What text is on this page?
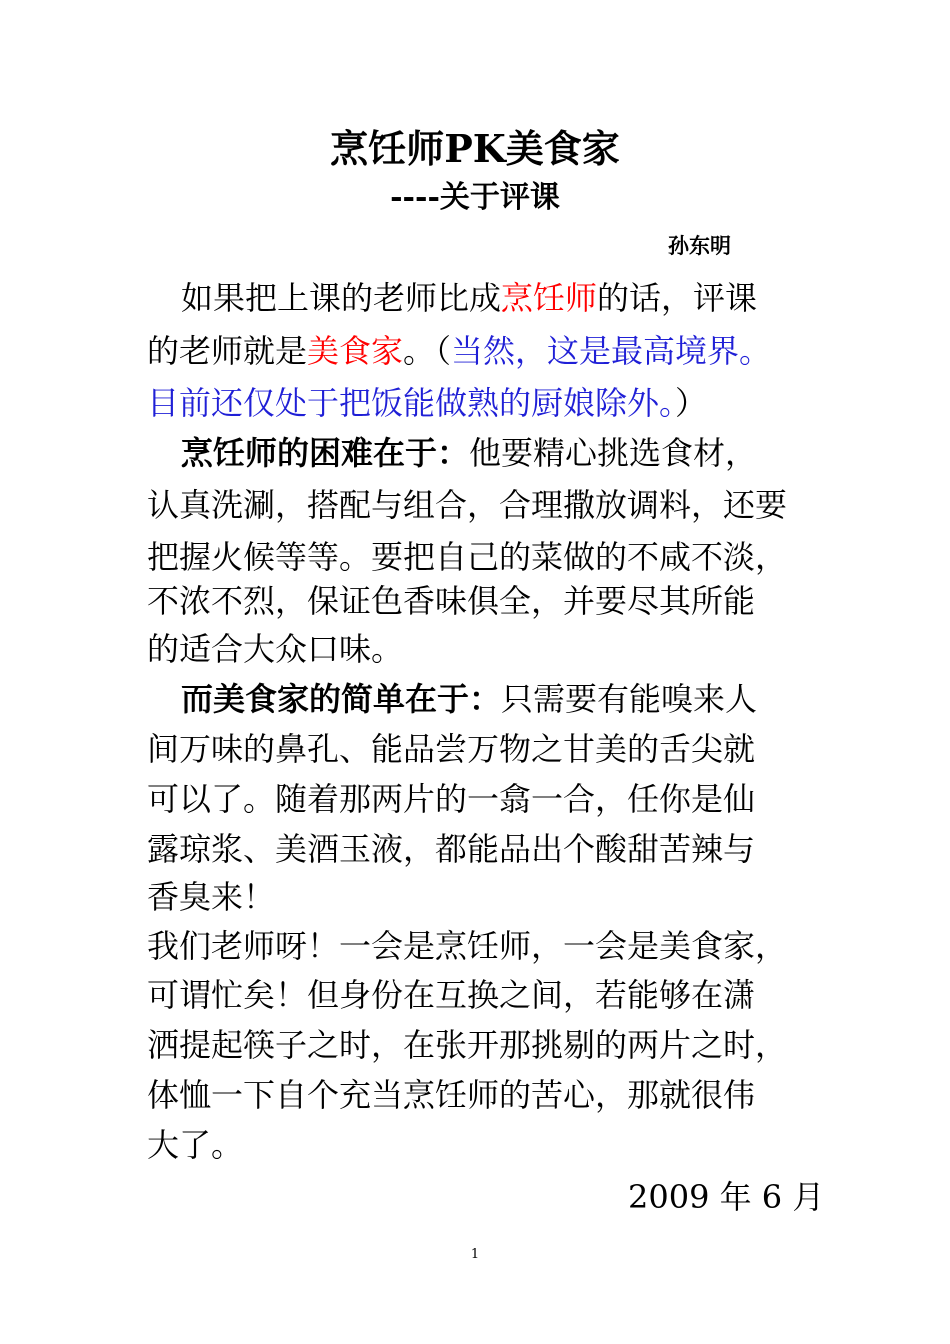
烹饪师PK美食家
----关于评课
孙东明
如果把上课的老师比成烹饪师的话，评课
的老师就是美食家。（当然，这是最高境界。
目前还仅处于把饭能做熟的厨娘除外。）
烹饪师的困难在于：他要精心挑选食材，
认真洗涮，搭配与组合，合理撒放调料，还要
把握火候等等。要把自己的菜做的不咸不淡，
不浓不烈，保证色香味俱全，并要尽其所能
的适合大众口味。
而美食家的简单在于：只需要有能嗅来人
间万味的鼻孔、能品尝万物之甘美的舌尖就
可以了。随着那两片的一翕一合，任你是仙
露琼浆、美酒玉液，都能品出个酸甜苦辣与
香臭来！
我们老师呀！一会是烹饪师，一会是美食家，
可谓忙矣！但身份在互换之间，若能够在潇
洒提起筷子之时，在张开那挑剔的两片之时，
体恤一下自个充当烹饪师的苦心，那就很伟
大了。
2009 年 6 月
1
